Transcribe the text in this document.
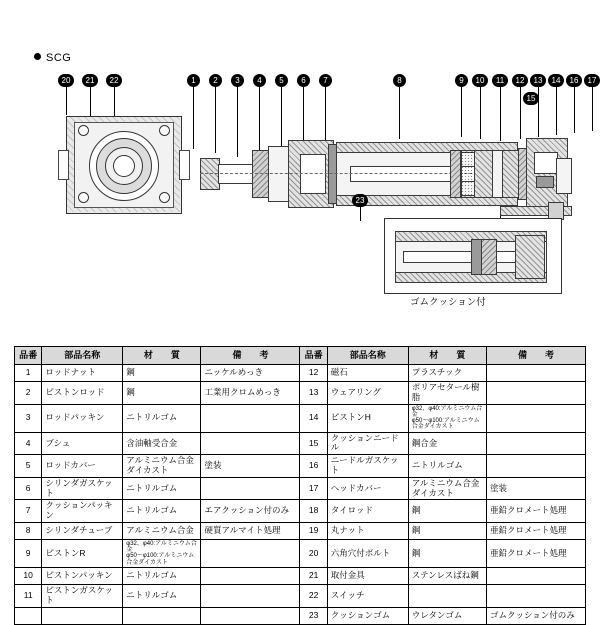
SCG
1	2	3	4	5	6	7	8	9	10	11	12	13	14
15
16	17
20	21	22
23
ゴムクッション付
品番	部品名称	材　　質	備　　考	品番	部品名称	材　　質	備　　考
1	ロッドナット	鋼	ニッケルめっき	12	磁石	プラスチック	
2	ピストンロッド	鋼	工業用クロムめっき	13	ウェアリング	ポリアセタール樹脂	
3	ロッドパッキン	ニトリルゴム		14	ピストンH	φ32、φ40:アルミニウム合金
φ50〜φ100:アルミニウム合金ダイカスト	

4	ブシュ	含油軸受合金		15	クッションニードル	鋼合金	
5	ロッドカバー	アルミニウム合金ダイカスト	塗装	16	ニードルガスケット	ニトリルゴム	
6	シリンダガスケット	ニトリルゴム		17	ヘッドカバー	アルミニウム合金ダイカスト	塗装
7	クッションパッキン	ニトリルゴム	エアクッション付のみ	18	タイロッド	鋼	亜鉛クロメート処理
8	シリンダチューブ	アルミニウム合金	硬質アルマイト処理	19	丸ナット	鋼	亜鉛クロメート処理
9	ピストンR	φ32、φ40:アルミニウム合金
φ50〜φ100:アルミニウム合金ダイカスト		20	六角穴付ボルト	鋼	亜鉛クロメート処理
10	ピストンパッキン	ニトリルゴム		21	取付金具	ステンレスばね鋼	
11	ピストンガスケット	ニトリルゴム		22	スイッチ		
				23	クッションゴム	ウレタンゴム	ゴムクッション付のみ
